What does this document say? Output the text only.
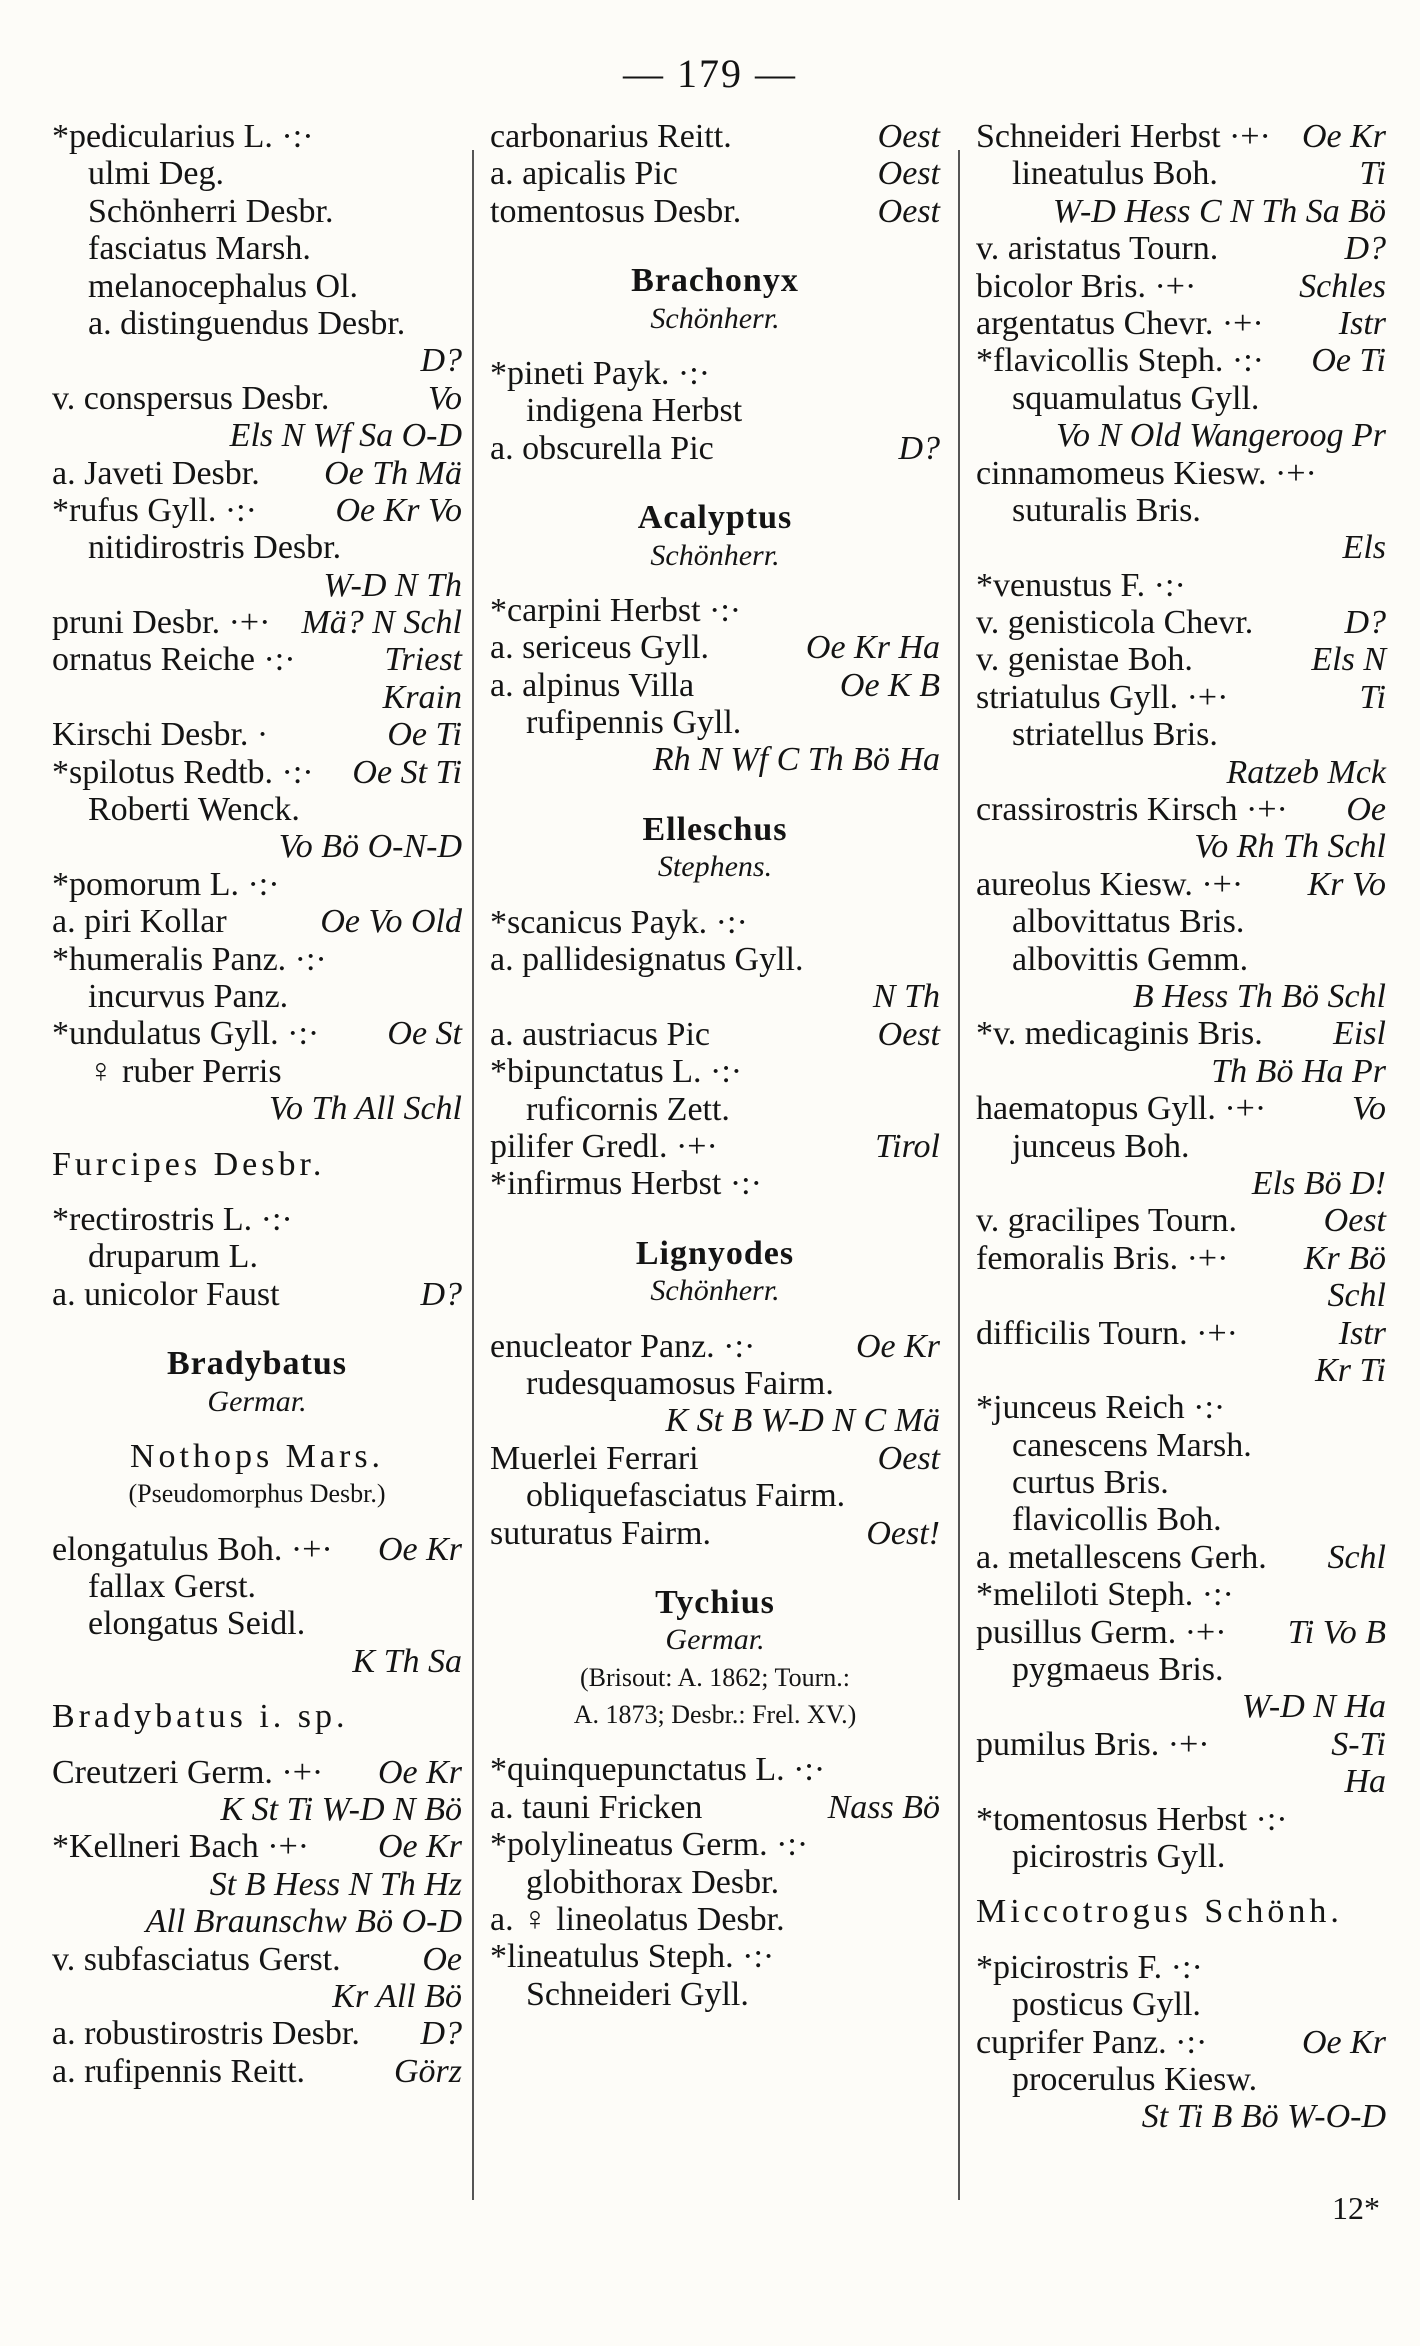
— 179 —
*pedicularius L. ·:·
ulmi Deg.
Schönherri Desbr.
fasciatus Marsh.
melanocephalus Ol.
a. distinguendus Desbr.
D?
v. conspersus Desbr.	Vo
Els N Wf Sa O-D
a. Javeti Desbr. Oe Th Mä
*rufus Gyll. ·:· Oe Kr Vo
nitidirostris Desbr.
W-D N Th
pruni Desbr. ·+· Mä? N Schl
ornatus Reiche ·:·	Triest
Krain
Kirschi Desbr. ·	Oe Ti
*spilotus Redtb. ·:· Oe St Ti
Roberti Wenck.
Vo Bö O-N-D
*pomorum L. ·:·
a. piri Kollar	Oe Vo Old
*humeralis Panz. ·:·
incurvus Panz.
*undulatus Gyll. ·:· Oe St
♀ ruber Perris
Vo Th All Schl
Furcipes Desbr.
*rectirostris L. ·:·
druparum L.
a. unicolor Faust	D?
Bradybatus
Germar.
Nothops Mars.
(Pseudomorphus Desbr.)
elongatulus Boh. ·+· Oe Kr
fallax Gerst.
elongatus Seidl.
K Th Sa
Bradybatus i. sp.
Creutzeri Germ. ·+· Oe Kr
K St Ti W-D N Bö
*Kellneri Bach ·+· Oe Kr
St B Hess N Th Hz
All Braunschw Bö O-D
v. subfasciatus Gerst. Oe
Kr All Bö
a. robustirostris Desbr. D?
a. rufipennis Reitt.	Görz
carbonarius Reitt.	Oest
a. apicalis Pic	Oest
tomentosus Desbr.	Oest
Brachonyx
Schönherr.
*pineti Payk. ·:·
indigena Herbst
a. obscurella Pic	D?
Acalyptus
Schönherr.
*carpini Herbst ·:·
a. sericeus Gyll.	Oe Kr Ha
a. alpinus Villa	Oe K B
rufipennis Gyll.
Rh N Wf C Th Bö Ha
Elleschus
Stephens.
*scanicus Payk. ·:·
a. pallidesignatus Gyll.
N Th
a. austriacus Pic	Oest
*bipunctatus L. ·:·
ruficornis Zett.
pilifer Gredl. ·+·	Tirol
*infirmus Herbst ·:·
Lignyodes
Schönherr.
enucleator Panz. ·:·	Oe Kr
rudesquamosus Fairm.
K St B W-D N C Mä
Muerlei Ferrari	Oest
obliquefasciatus Fairm.
suturatus Fairm.	Oest!
Tychius
Germar.
(Brisout: A. 1862; Tourn.:
A. 1873; Desbr.: Frel. XV.)
*quinquepunctatus L. ·:·
a. tauni Fricken	Nass Bö
*polylineatus Germ. ·:·
globithorax Desbr.
a. ♀ lineolatus Desbr.
*lineatulus Steph. ·:·
Schneideri Gyll.
Schneideri Herbst ·+· Oe Kr
lineatulus Boh.	Ti
W-D Hess C N Th Sa Bö
v. aristatus Tourn.	D?
bicolor Bris. ·+·	Schles
argentatus Chevr. ·+· Istr
*flavicollis Steph. ·:· Oe Ti
squamulatus Gyll.
Vo N Old Wangeroog Pr
cinnamomeus Kiesw. ·+·
suturalis Bris.
Els
*venustus F. ·:·
v. genisticola Chevr.	D?
v. genistae Boh.	Els N
striatulus Gyll. ·+·	Ti
striatellus Bris.
Ratzeb Mck
crassirostris Kirsch ·+· Oe
Vo Rh Th Schl
aureolus Kiesw. ·+· Kr Vo
albovittatus Bris.
albovittis Gemm.
B Hess Th Bö Schl
*v. medicaginis Bris. Eisl
Th Bö Ha Pr
haematopus Gyll. ·+·	Vo
junceus Boh.
Els Bö D!
v. gracilipes Tourn.	Oest
femoralis Bris. ·+· Kr Bö
Schl
difficilis Tourn. ·+·	Istr
Kr Ti
*junceus Reich ·:·
canescens Marsh.
curtus Bris.
flavicollis Boh.
a. metallescens Gerh. Schl
*meliloti Steph. ·:·
pusillus Germ. ·+· Ti Vo B
pygmaeus Bris.
W-D N Ha
pumilus Bris. ·+·	S-Ti
Ha
*tomentosus Herbst ·:·
picirostris Gyll.
Miccotrogus Schönh.
*picirostris F. ·:·
posticus Gyll.
cuprifer Panz. ·:·	Oe Kr
procerulus Kiesw.
St Ti B Bö W-O-D
12*
